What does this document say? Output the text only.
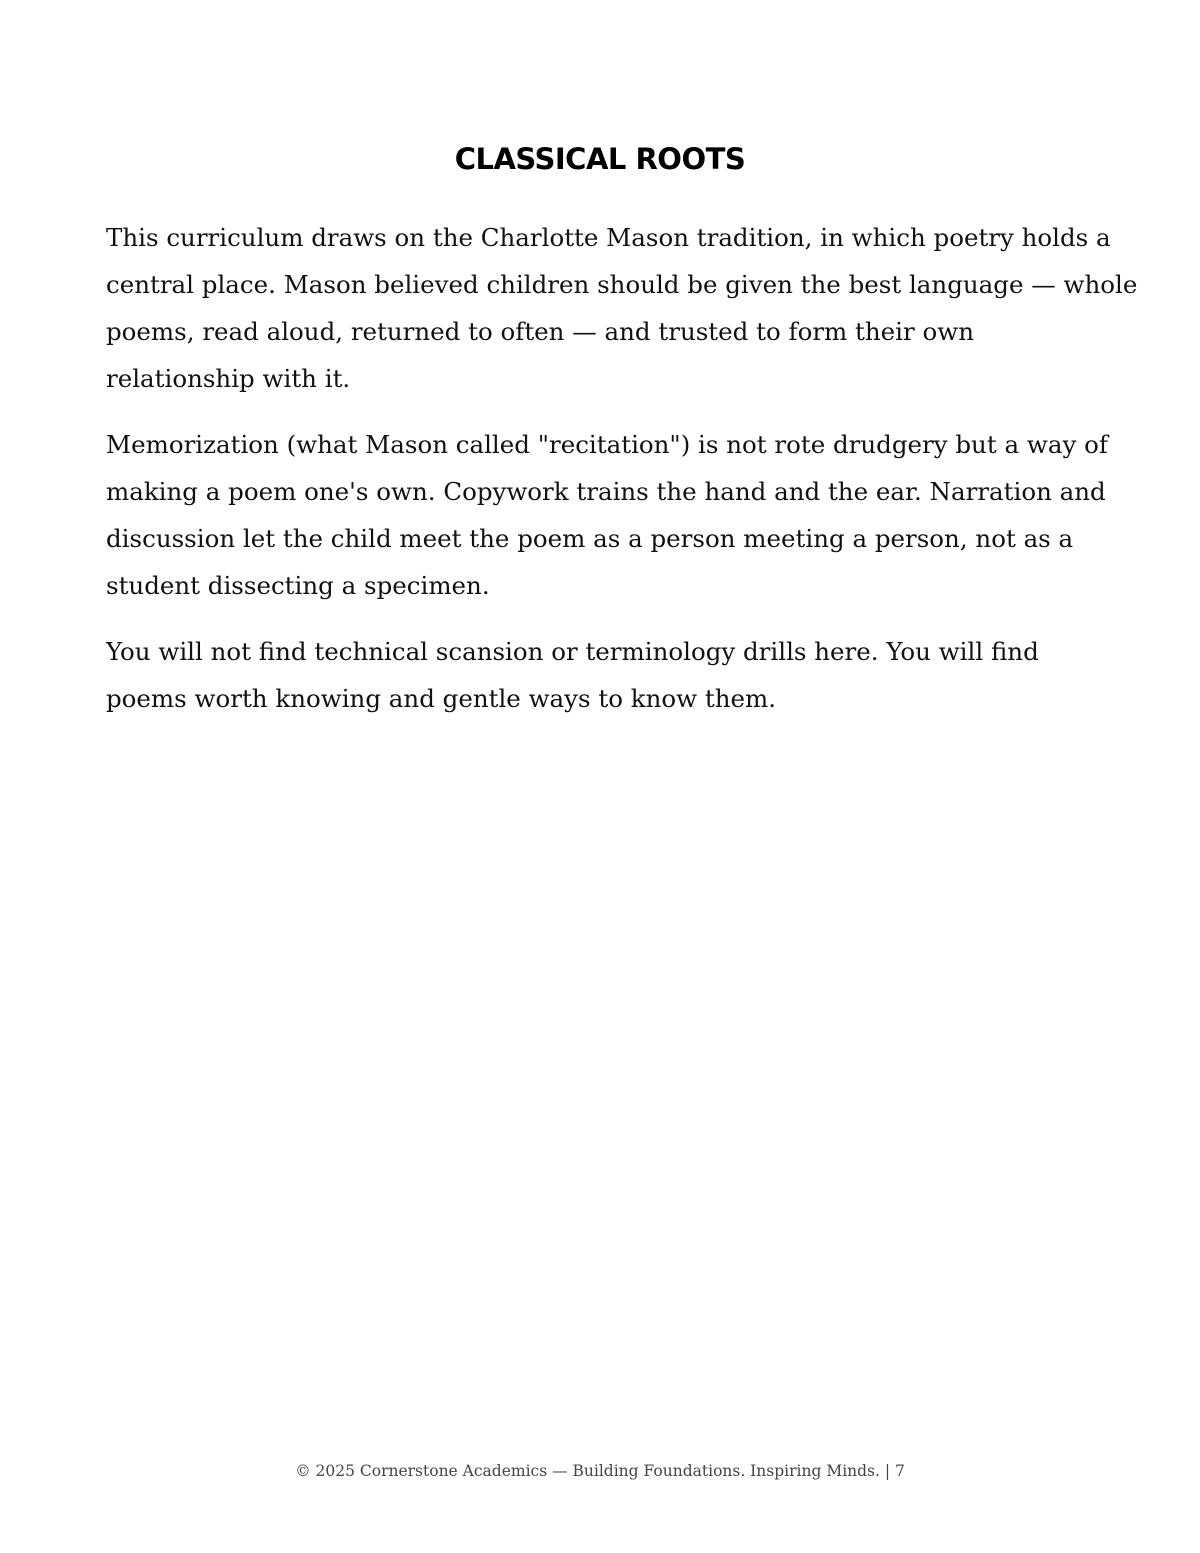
CLASSICAL ROOTS

This curriculum draws on the Charlotte Mason tradition, in which poetry holds a
central place. Mason believed children should be given the best language — whole
poems, read aloud, returned to often — and trusted to form their own
relationship with it.

Memorization (what Mason called "recitation") is not rote drudgery but a way of
making a poem one's own. Copywork trains the hand and the ear. Narration and
discussion let the child meet the poem as a person meeting a person, not as a
student dissecting a specimen.

You will not find technical scansion or terminology drills here. You will find
poems worth knowing and gentle ways to know them.

© 2025 Cornerstone Academics — Building Foundations. Inspiring Minds. | 7
